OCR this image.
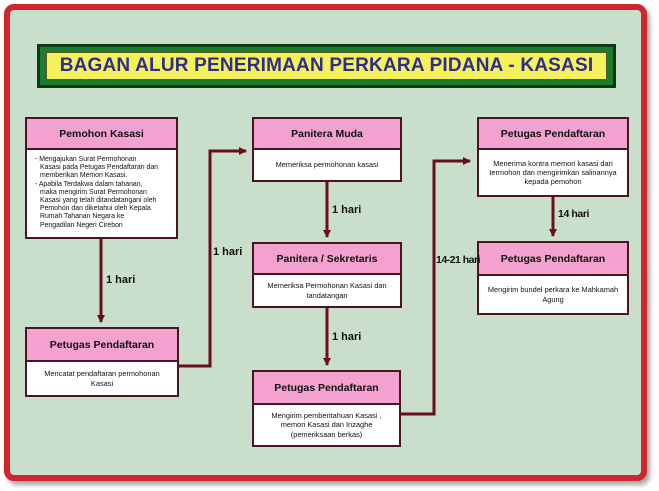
BAGAN ALUR PENERIMAAN PERKARA PIDANA - KASASI
Pemohon Kasasi
- Mengajukan Surat Permohonan
Kasasi pada Petugas Pendaftaran dan
memberikan Memori Kasasi.
- Apabila Terdakwa dalam tahanan,
maka mengirim Surat Permohonan
Kasasi yang telah ditandatangani oleh
Pemohon dan diketahui oleh Kepala
Rumah Tahanan Negara ke
Pengadilan Negeri Cirebon
Petugas Pendaftaran
Mencatat pendaftaran permohonan Kasasi
Panitera Muda
Memeriksa permohonan kasasi
Panitera / Sekretaris
Memeriksa Permohonan Kasasi dan tandatangan
Petugas Pendaftaran
Mengirim pemberitahuan Kasasi , memori Kasasi dan Inzaghe (pemeriksaan berkas)
Petugas Pendaftaran
Menerima kontra memori kasasi dari termohon dan mengirimkan salinannya kepada pemohon
Petugas Pendaftaran
Mengirim bundel perkara ke Mahkamah Agung
1 hari
1 hari
1 hari
1 hari
14-21 hari
14 hari
